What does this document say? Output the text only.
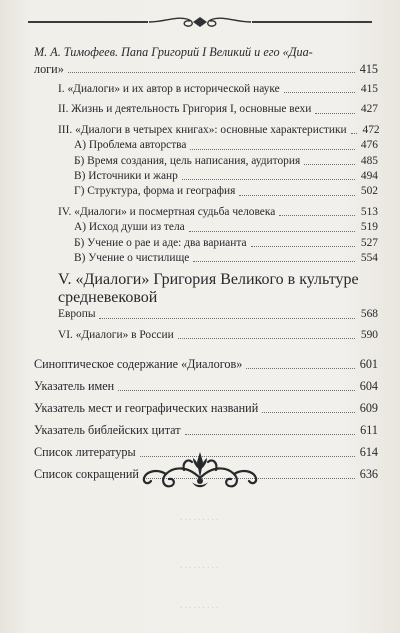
М. А. Тимофеев. Папа Григорий I Великий и его «Диа-
логи»	415
I. «Диалоги» и их автор в исторической науке	415
II. Жизнь и деятельность Григория I, основные вехи	427
III. «Диалоги в четырех книгах»: основные характеристики 472
А) Проблема авторства	476
Б) Время создания, цель написания, аудитория	485
В) Источники и жанр	494
Г) Структура, форма и география	502
IV. «Диалоги» и посмертная судьба человека	513
А) Исход души из тела	519
Б) Учение о рае и аде: два варианта	527
В) Учение о чистилище	554
V. «Диалоги» Григория Великого в культуре средневековой
Европы	568
VI. «Диалоги» в России	590
Синоптическое содержание «Диалогов»	601
Указатель имен	604
Указатель мест и географических названий	609
Указатель библейских цитат	611
Список литературы	614
Список сокращений	636
. . . . . . . . .
. . . . . . . . .
. . . . . . . . .
